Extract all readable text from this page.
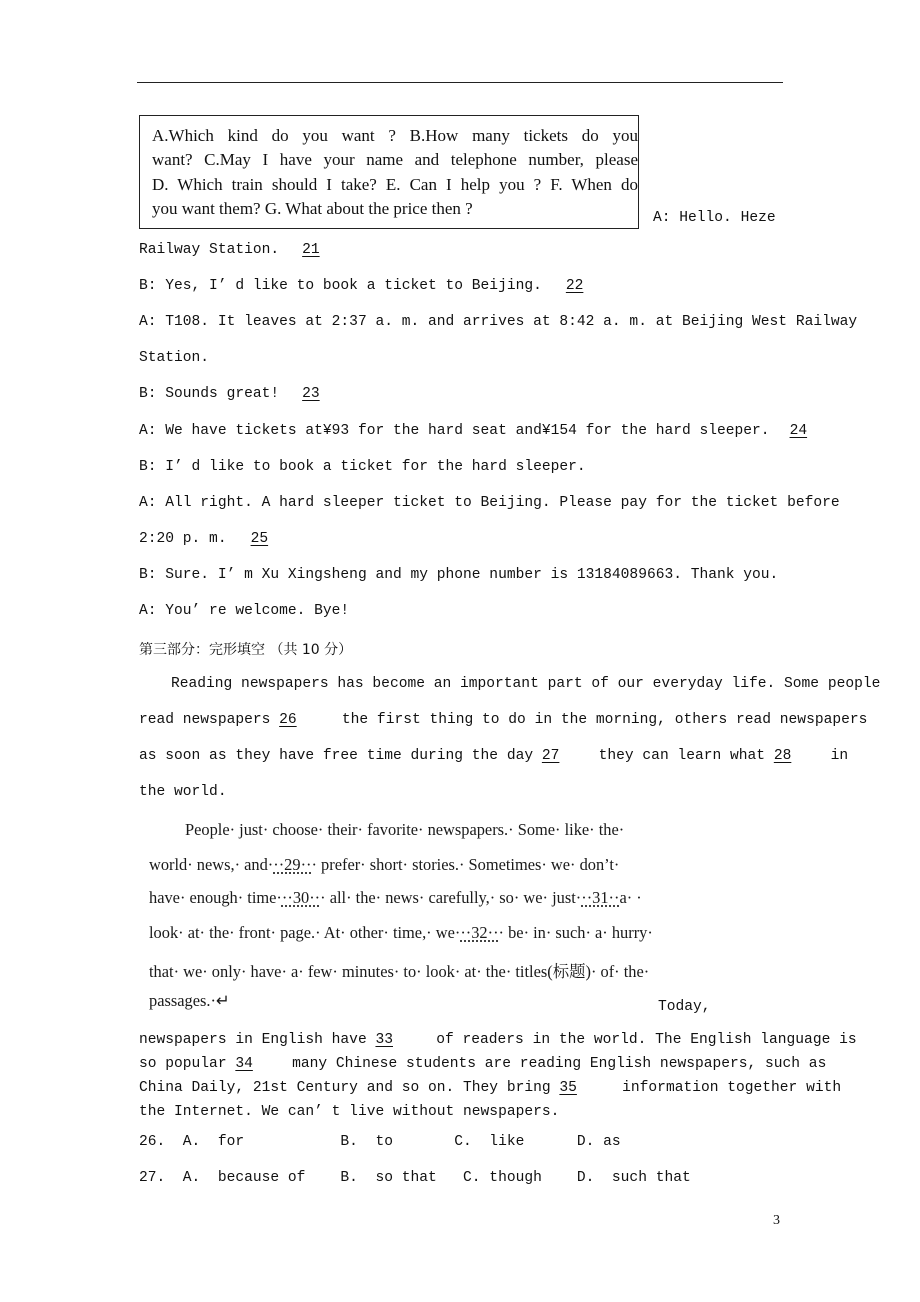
A.Which kind do you want ? B.How many tickets do you
want? C.May I have your name and telephone number, please
D. Which train should I take? E. Can I help you ? F. When do
you want them? G. What about the price then ?
A: Hello. Heze
Railway Station. 21
B: Yes, I’ d like to book a ticket to Beijing. 22
A: T108. It leaves at 2:37 a. m. and arrives at 8:42 a. m. at Beijing West Railway
Station.
B: Sounds great! 23
A: We have tickets at¥93 for the hard seat and¥154 for the hard sleeper. 24
B: I’ d like to book a ticket for the hard sleeper.
A: All right. A hard sleeper ticket to Beijing. Please pay for the ticket before
2:20 p. m. 25
B: Sure. I’ m Xu Xingsheng and my phone number is 13184089663. Thank you.
A: You’ re welcome. Bye!
第三部分：完形填空 （共 10 分）
Reading newspapers has become an important part of our everyday life. Some people
read newspapers 26	the first thing to do in the morning, others read newspapers
as soon as they have free time during the day 27	they can learn what 28	in
the world.
People· just· choose· their· favorite· newspapers.· Some· like· the·
world· news,· and···29··· prefer· short· stories.· Sometimes· we· don’t·
have· enough· time···30··· all· the· news· carefully,· so· we· just···31··a· ·
look· at· the· front· page.· At· other· time,· we···32··· be· in· such· a· hurry·
that· we· only· have· a· few· minutes· to· look· at· the· titles(标题)· of· the·
passages.·↵	Today,
newspapers in English have 33	of readers in the world. The English language is
so popular 34	many Chinese students are reading English newspapers, such as
China Daily, 21st Century and so on. They bring 35	information together with
the Internet. We can’ t live without newspapers.
26.  A.  for           B.  to       C.  like      D. as
27.  A.  because of    B.  so that   C. though    D.  such that
3
